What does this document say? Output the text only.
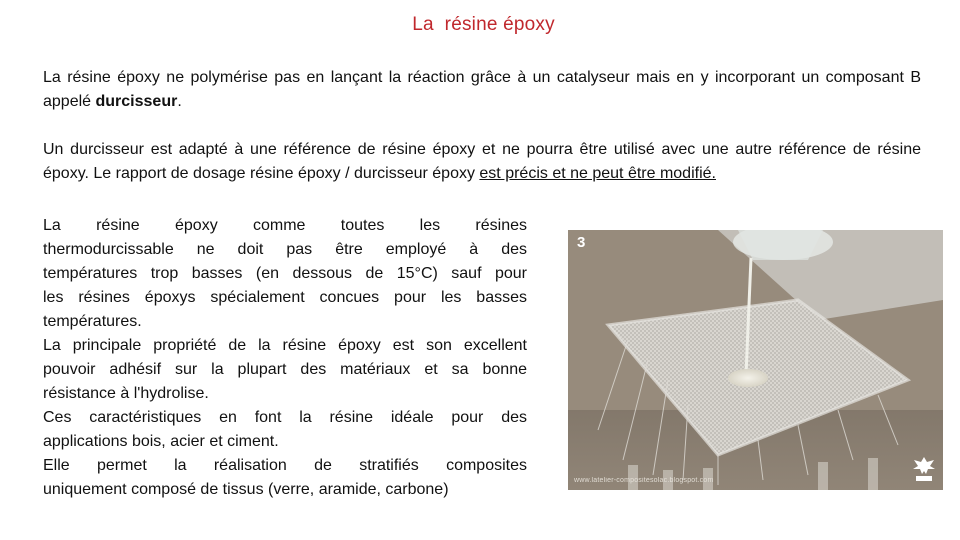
La  résine époxy
La résine époxy ne polymérise pas en lançant la réaction grâce à un catalyseur mais en y incorporant un composant B appelé durcisseur.
Un durcisseur est adapté à une référence de résine époxy et ne pourra être utilisé avec une autre référence de résine époxy. Le rapport de dosage résine époxy / durcisseur époxy est précis et ne peut être modifié.
La résine époxy comme toutes les résines
thermodurcissable ne doit pas être employé à des
températures trop basses (en dessous de 15°C) sauf pour
les résines époxys spécialement concues pour les basses
températures.
La principale propriété de la résine époxy est son excellent
pouvoir adhésif sur la plupart des matériaux et sa bonne
résistance à l'hydrolise.
Ces caractéristiques en font la résine idéale pour des
applications bois, acier et ciment.
Elle permet la réalisation de stratifiés composites
uniquement composé de tissus (verre, aramide, carbone)
3
www.latelier-compositesolac.blogspot.com
